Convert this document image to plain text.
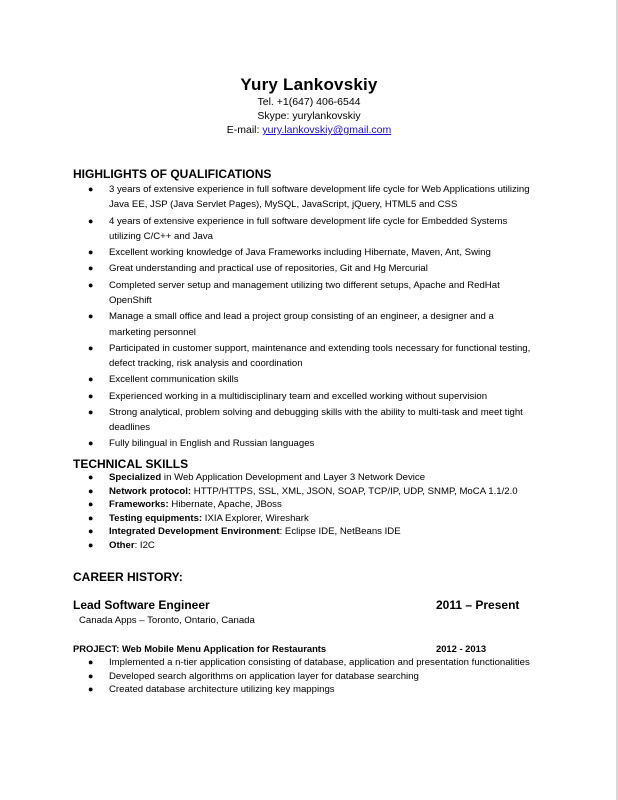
Yury Lankovskiy
Tel. +1(647) 406-6544
Skype: yurylankovskiy
E-mail: yury.lankovskiy@gmail.com
HIGHLIGHTS OF QUALIFICATIONS
● 3 years of extensive experience in full software development life cycle for Web Applications utilizing Java EE, JSP (Java Servlet Pages), MySQL, JavaScript, jQuery, HTML5 and CSS
● 4 years of extensive experience in full software development life cycle for Embedded Systems utilizing C/C++ and Java
● Excellent working knowledge of Java Frameworks including Hibernate, Maven, Ant, Swing
● Great understanding and practical use of repositories, Git and Hg Mercurial
● Completed server setup and management utilizing two different setups, Apache and RedHat OpenShift
● Manage a small office and lead a project group consisting of an engineer, a designer and a marketing personnel
● Participated in customer support, maintenance and extending tools necessary for functional testing, defect tracking, risk analysis and coordination
● Excellent communication skills
● Experienced working in a multidisciplinary team and excelled working without supervision
● Strong analytical, problem solving and debugging skills with the ability to multi-task and meet tight deadlines
● Fully bilingual in English and Russian languages
TECHNICAL SKILLS
● Specialized in Web Application Development and Layer 3 Network Device
● Network protocol: HTTP/HTTPS, SSL, XML, JSON, SOAP, TCP/IP, UDP, SNMP, MoCA 1.1/2.0
● Frameworks: Hibernate, Apache, JBoss
● Testing equipments: IXIA Explorer, Wireshark
● Integrated Development Environment: Eclipse IDE, NetBeans IDE
● Other: I2C
CAREER HISTORY:
Lead Software Engineer	2011 – Present
Canada Apps – Toronto, Ontario, Canada
PROJECT: Web Mobile Menu Application for Restaurants	2012 - 2013
● Implemented a n-tier application consisting of database, application and presentation functionalities
● Developed search algorithms on application layer for database searching
● Created database architecture utilizing key mappings
